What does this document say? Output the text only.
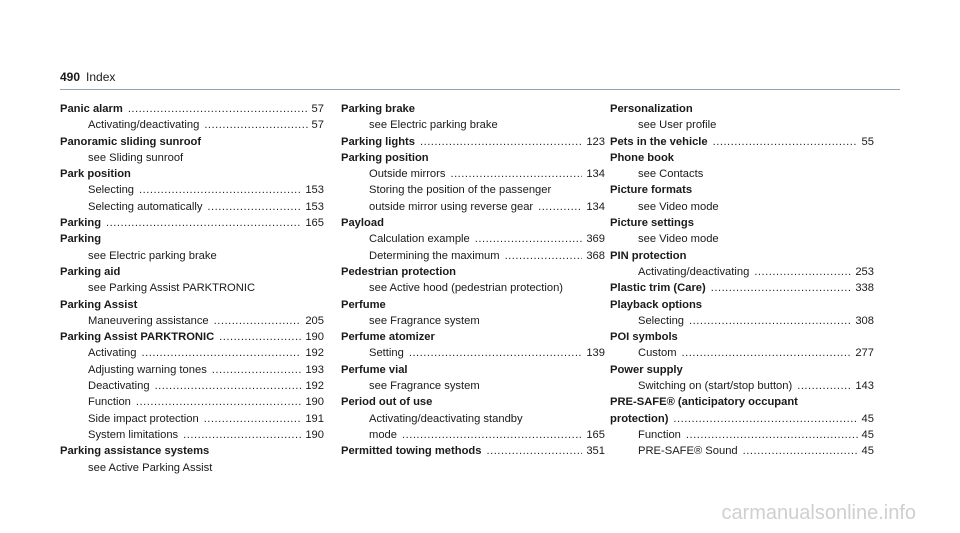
490 Index
Panic alarm .....	57
Activating/deactivating .....	57
Panoramic sliding sunroof
see Sliding sunroof
Park position
Selecting .....	153
Selecting automatically .....	153
Parking .....	165
Parking
see Electric parking brake
Parking aid
see Parking Assist PARKTRONIC
Parking Assist
Maneuvering assistance .....	205
Parking Assist PARKTRONIC .....	190
Activating .....	192
Adjusting warning tones .....	193
Deactivating .....	192
Function .....	190
Side impact protection .....	191
System limitations .....	190
Parking assistance systems
see Active Parking Assist
Parking brake
see Electric parking brake
Parking lights .....	123
Parking position
Outside mirrors .....	134
Storing the position of the passenger
outside mirror using reverse gear .....	134
Payload
Calculation example .....	369
Determining the maximum .....	368
Pedestrian protection
see Active hood (pedestrian protection)
Perfume
see Fragrance system
Perfume atomizer
Setting .....	139
Perfume vial
see Fragrance system
Period out of use
Activating/deactivating standby
mode .....	165
Permitted towing methods .....	351
Personalization
see User profile
Pets in the vehicle .....	55
Phone book
see Contacts
Picture formats
see Video mode
Picture settings
see Video mode
PIN protection
Activating/deactivating .....	253
Plastic trim (Care) .....	338
Playback options
Selecting .....	308
POI symbols
Custom .....	277
Power supply
Switching on (start/stop button) .....	143
PRE-SAFE® (anticipatory occupant
protection) .....	45
Function .....	45
PRE-SAFE® Sound .....	45
carmanualsonline.info
